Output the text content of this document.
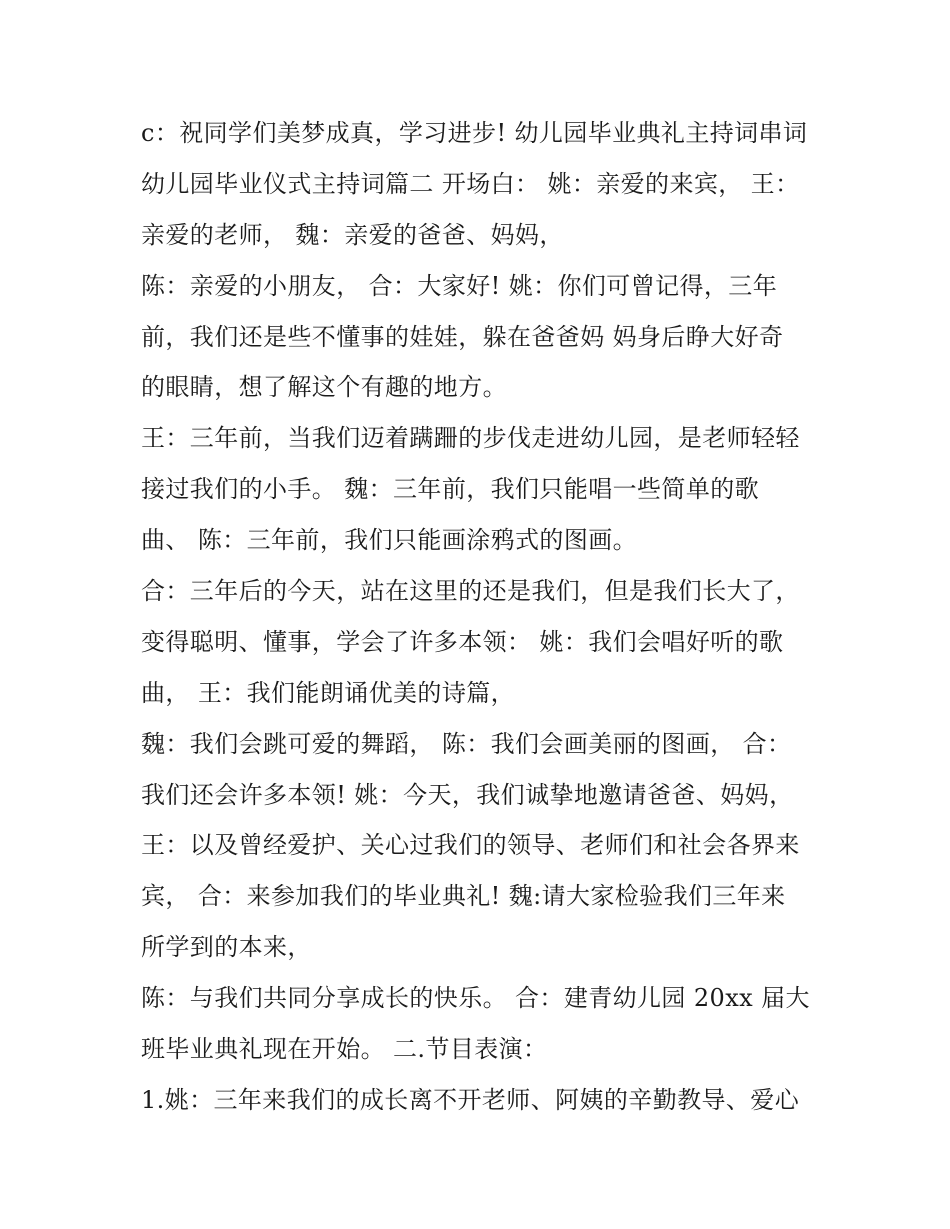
c：祝同学们美梦成真，学习进步! 幼儿园毕业典礼主持词串词
幼儿园毕业仪式主持词篇二 开场白： 姚：亲爱的来宾， 王：
亲爱的老师， 魏：亲爱的爸爸、妈妈，
陈：亲爱的小朋友， 合：大家好! 姚：你们可曾记得，三年
前，我们还是些不懂事的娃娃，躲在爸爸妈 妈身后睁大好奇
的眼睛，想了解这个有趣的地方。
王：三年前，当我们迈着蹒跚的步伐走进幼儿园，是老师轻轻
接过我们的小手。 魏：三年前，我们只能唱一些简单的歌
曲、 陈：三年前，我们只能画涂鸦式的图画。
合：三年后的今天，站在这里的还是我们，但是我们长大了，
变得聪明、懂事，学会了许多本领： 姚：我们会唱好听的歌
曲， 王：我们能朗诵优美的诗篇，
魏：我们会跳可爱的舞蹈， 陈：我们会画美丽的图画， 合：
我们还会许多本领! 姚：今天，我们诚挚地邀请爸爸、妈妈，
王：以及曾经爱护、关心过我们的领导、老师们和社会各界来
宾， 合：来参加我们的毕业典礼! 魏:请大家检验我们三年来
所学到的本来，
陈：与我们共同分享成长的快乐。 合：建青幼儿园 20xx 届大
班毕业典礼现在开始。 二.节目表演：
1.姚：三年来我们的成长离不开老师、阿姨的辛勤教导、爱心
